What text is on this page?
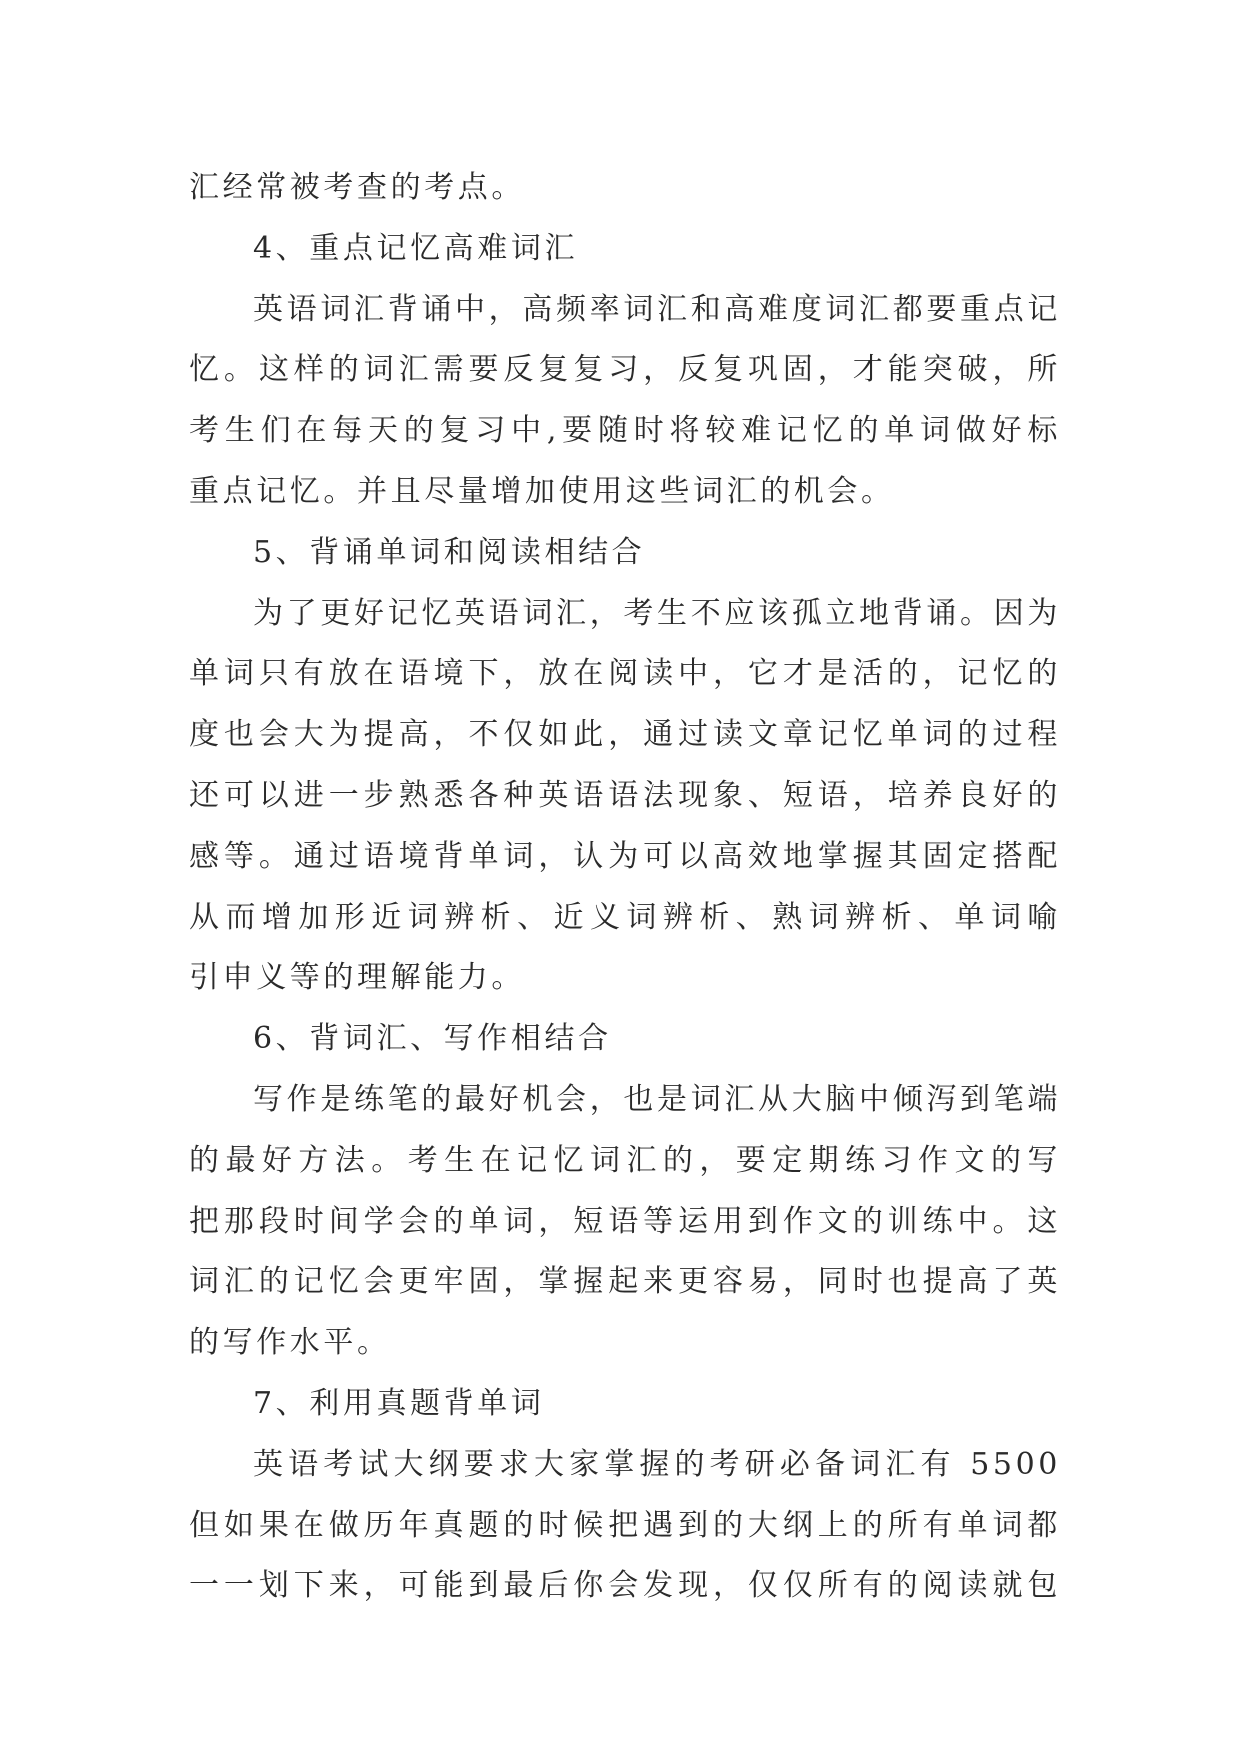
汇经常被考查的考点。
4、重点记忆高难词汇
英语词汇背诵中，高频率词汇和高难度词汇都要重点记
忆。这样的词汇需要反复复习，反复巩固，才能突破，所
考生们在每天的复习中,要随时将较难记忆的单词做好标
重点记忆。并且尽量增加使用这些词汇的机会。
5、背诵单词和阅读相结合
为了更好记忆英语词汇，考生不应该孤立地背诵。因为
单词只有放在语境下，放在阅读中，它才是活的，记忆的
度也会大为提高，不仅如此，通过读文章记忆单词的过程
还可以进一步熟悉各种英语语法现象、短语，培养良好的
感等。通过语境背单词，认为可以高效地掌握其固定搭配
从而增加形近词辨析、近义词辨析、熟词辨析、单词喻
引申义等的理解能力。
6、背词汇、写作相结合
写作是练笔的最好机会，也是词汇从大脑中倾泻到笔端
的最好方法。考生在记忆词汇的，要定期练习作文的写
把那段时间学会的单词，短语等运用到作文的训练中。这
词汇的记忆会更牢固，掌握起来更容易，同时也提高了英
的写作水平。
7、利用真题背单词
英语考试大纲要求大家掌握的考研必备词汇有 5500
但如果在做历年真题的时候把遇到的大纲上的所有单词都
一一划下来，可能到最后你会发现，仅仅所有的阅读就包
